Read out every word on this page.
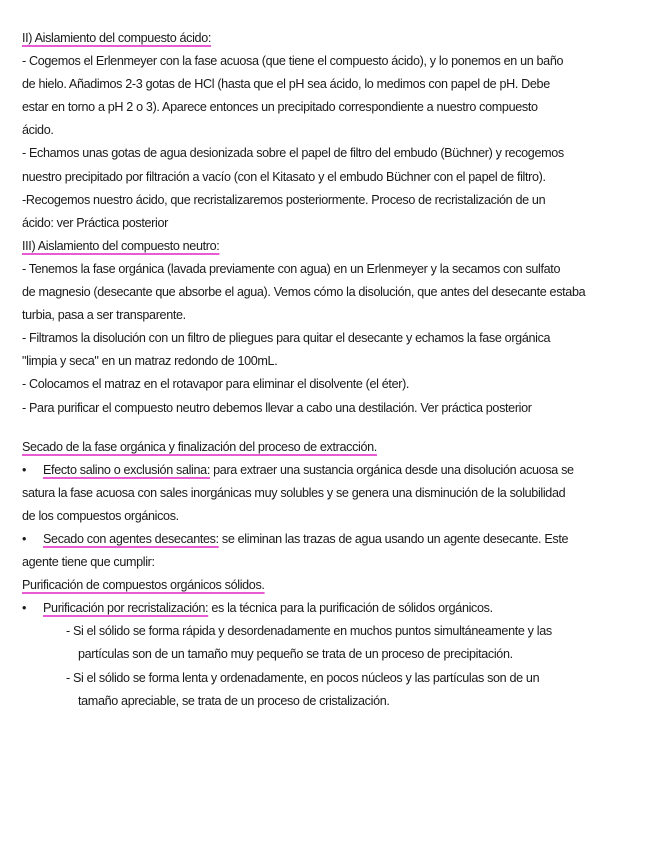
II) Aislamiento del compuesto ácido:
- Cogemos el Erlenmeyer con la fase acuosa (que tiene el compuesto ácido), y lo ponemos en un baño
de hielo. Añadimos 2-3 gotas de HCl (hasta que el pH sea ácido, lo medimos con papel de pH. Debe
estar en torno a pH 2 o 3). Aparece entonces un precipitado correspondiente a nuestro compuesto
ácido.
- Echamos unas gotas de agua desionizada sobre el papel de filtro del embudo (Büchner) y recogemos
nuestro precipitado por filtración a vacío (con el Kitasato y el embudo Büchner con el papel de filtro).
-Recogemos nuestro ácido, que recristalizaremos posteriormente. Proceso de recristalización de un
ácido: ver Práctica posterior
III) Aislamiento del compuesto neutro:
- Tenemos la fase orgánica (lavada previamente con agua) en un Erlenmeyer y la secamos con sulfato
de magnesio (desecante que absorbe el agua). Vemos cómo la disolución, que antes del desecante estaba
turbia, pasa a ser transparente.
- Filtramos la disolución con un filtro de pliegues para quitar el desecante y echamos la fase orgánica
"limpia y seca" en un matraz redondo de 100mL.
- Colocamos el matraz en el rotavapor para eliminar el disolvente (el éter).
- Para purificar el compuesto neutro debemos llevar a cabo una destilación. Ver práctica posterior
Secado de la fase orgánica y finalización del proceso de extracción.
• Efecto salino o exclusión salina: para extraer una sustancia orgánica desde una disolución acuosa se
satura la fase acuosa con sales inorgánicas muy solubles y se genera una disminución de la solubilidad
de los compuestos orgánicos.
• Secado con agentes desecantes: se eliminan las trazas de agua usando un agente desecante. Este
agente tiene que cumplir:
Purificación de compuestos orgánicos sólidos.
• Purificación por recristalización: es la técnica para la purificación de sólidos orgánicos.
- Si el sólido se forma rápida y desordenadamente en muchos puntos simultáneamente y las
partículas son de un tamaño muy pequeño se trata de un proceso de precipitación.
- Si el sólido se forma lenta y ordenadamente, en pocos núcleos y las partículas son de un
tamaño apreciable, se trata de un proceso de cristalización.
